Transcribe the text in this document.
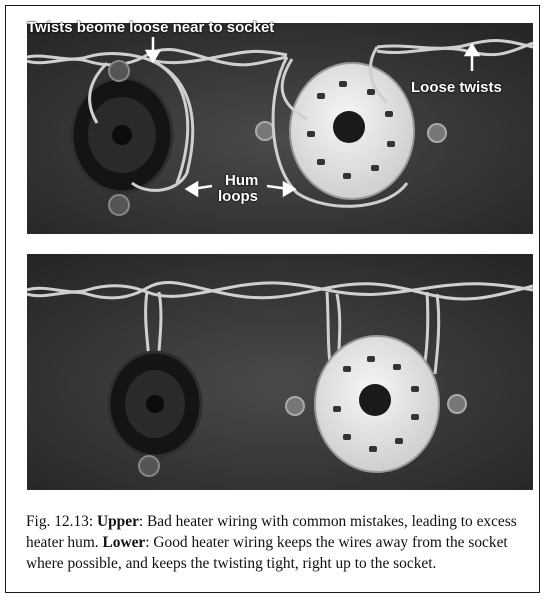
Twists beome loose near to socket
Loose twists
Hum
loops
Fig. 12.13: Upper: Bad heater wiring with common mistakes, leading to excess heater hum. Lower: Good heater wiring keeps the wires away from the socket where possible, and keeps the twisting tight, right up to the socket.
